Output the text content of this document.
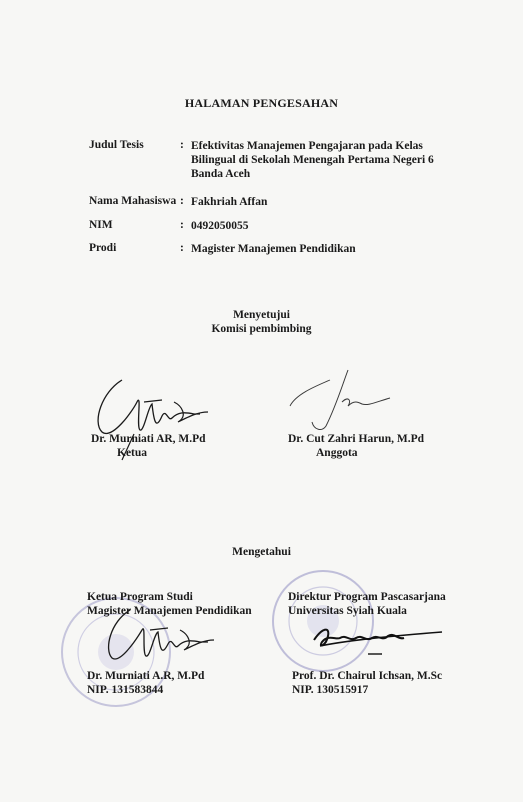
HALAMAN PENGESAHAN
Judul Tesis	: Efektivitas Manajemen Pengajaran pada Kelas
Bilingual di Sekolah Menengah Pertama Negeri 6
Banda Aceh
Nama Mahasiswa : Fakhriah Affan
NIM	: 0492050055
Prodi	: Magister Manajemen Pendidikan
Menyetujui
Komisi pembimbing
Dr. Murniati AR, M.Pd
Ketua
Dr. Cut Zahri Harun, M.Pd
Anggota
Mengetahui
Ketua Program Studi
Magister Manajemen Pendidikan
Dr. Murniati A.R, M.Pd
NIP. 131583844
Direktur Program Pascasarjana
Universitas Syiah Kuala
Prof. Dr. Chairul Ichsan, M.Sc
NIP. 130515917
